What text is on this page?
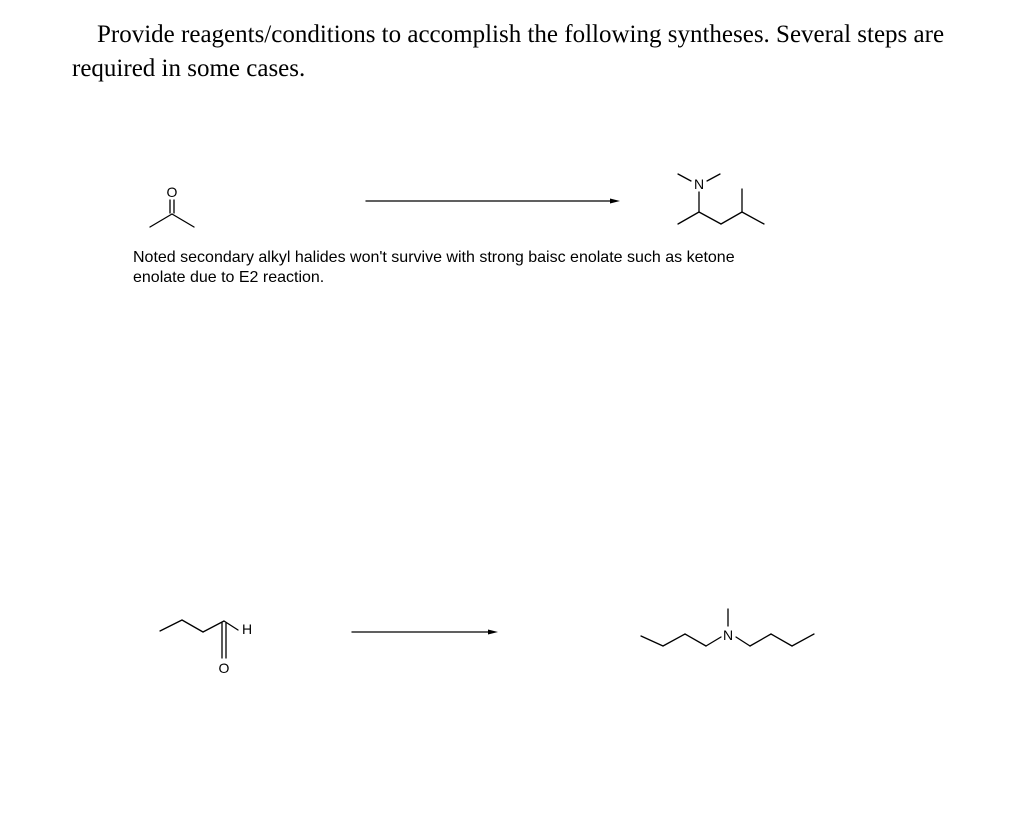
Provide reagents/conditions to accomplish the following syntheses. Several steps are required in some cases.

Noted secondary alkyl halides won't survive with strong baisc enolate such as ketone enolate due to E2 reaction.

O	N
H
O
N
